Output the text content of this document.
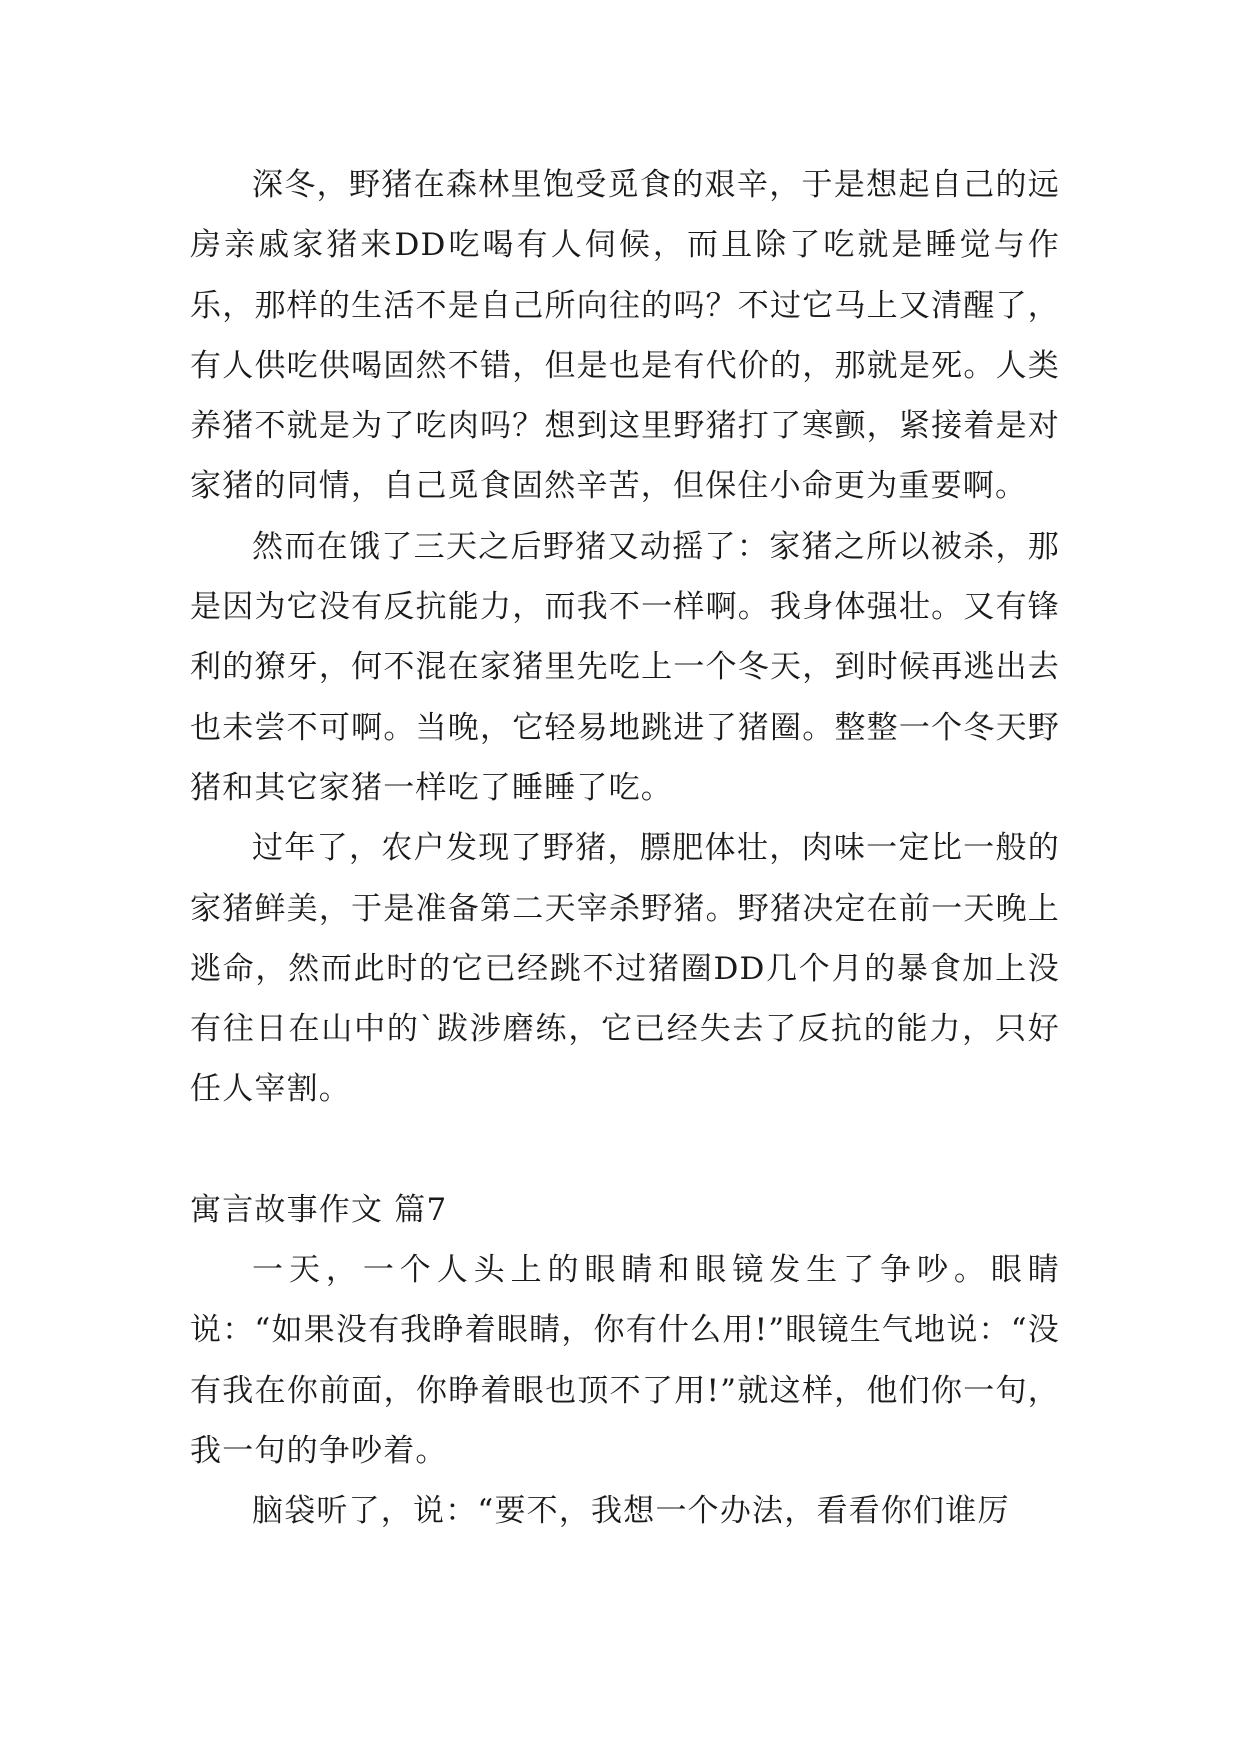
深冬，野猪在森林里饱受觅食的艰辛，于是想起自己的远房亲戚家猪来DD吃喝有人伺候，而且除了吃就是睡觉与作乐，那样的生活不是自己所向往的吗？不过它马上又清醒了，有人供吃供喝固然不错，但是也是有代价的，那就是死。人类养猪不就是为了吃肉吗？想到这里野猪打了寒颤，紧接着是对家猪的同情，自己觅食固然辛苦，但保住小命更为重要啊。

然而在饿了三天之后野猪又动摇了：家猪之所以被杀，那是因为它没有反抗能力，而我不一样啊。我身体强壮。又有锋利的獠牙，何不混在家猪里先吃上一个冬天，到时候再逃出去也未尝不可啊。当晚，它轻易地跳进了猪圈。整整一个冬天野猪和其它家猪一样吃了睡睡了吃。

过年了，农户发现了野猪，膘肥体壮，肉味一定比一般的家猪鲜美，于是准备第二天宰杀野猪。野猪决定在前一天晚上逃命，然而此时的它已经跳不过猪圈DD几个月的暴食加上没有往日在山中的`跋涉磨练，它已经失去了反抗的能力，只好任人宰割。

寓言故事作文 篇7

一天，一个人头上的眼睛和眼镜发生了争吵。眼睛说：“如果没有我睁着眼睛，你有什么用!”眼镜生气地说：“没有我在你前面，你睁着眼也顶不了用!”就这样，他们你一句，我一句的争吵着。

脑袋听了，说：“要不，我想一个办法，看看你们谁厉
